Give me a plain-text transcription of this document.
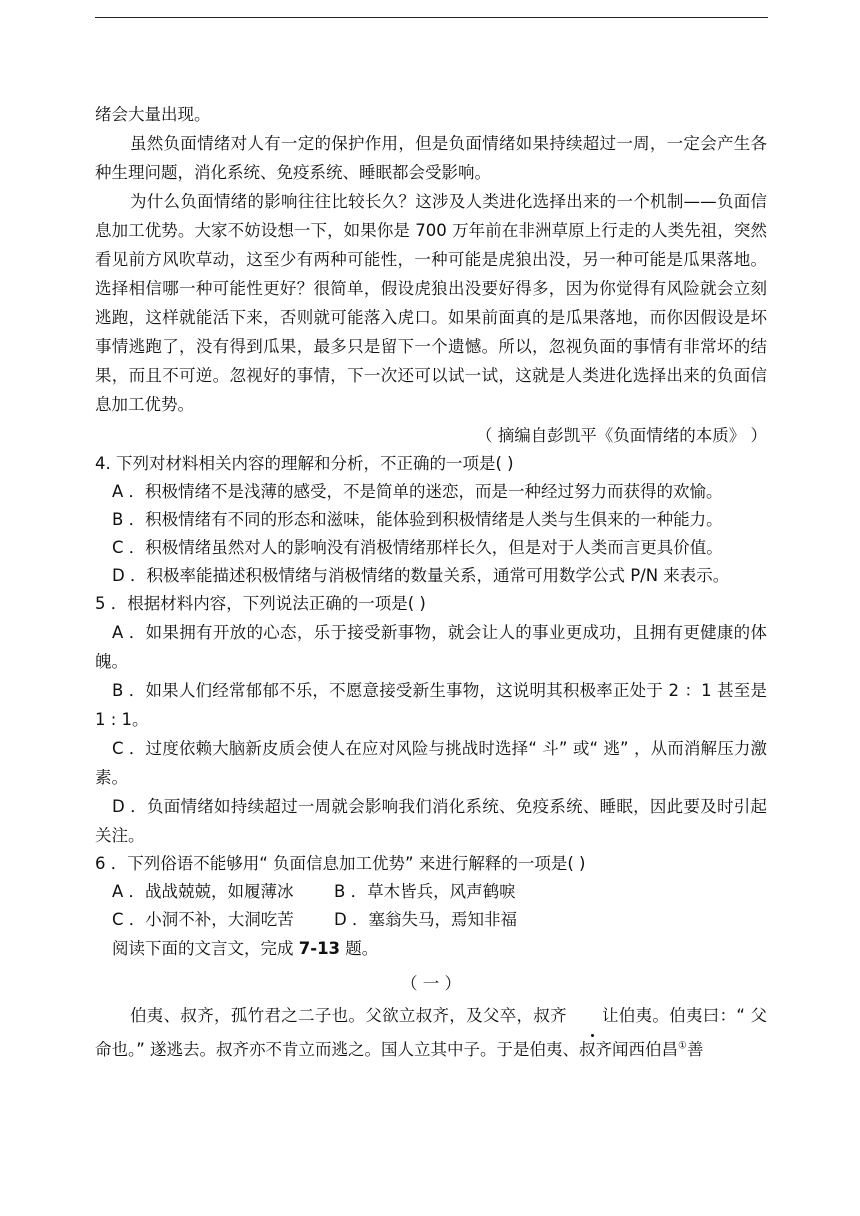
绪会大量出现。

虽然负面情绪对人有一定的保护作用，但是负面情绪如果持续超过一周，一定会产生各种生理问题，消化系统、免疫系统、睡眠都会受影响。

为什么负面情绪的影响往往比较长久？这涉及人类进化选择出来的一个机制——负面信息加工优势。大家不妨设想一下，如果你是 700 万年前在非洲草原上行走的人类先祖，突然看见前方风吹草动，这至少有两种可能性，一种可能是虎狼出没，另一种可能是瓜果落地。选择相信哪一种可能性更好？很简单，假设虎狼出没要好得多，因为你觉得有风险就会立刻逃跑，这样就能活下来，否则就可能落入虎口。如果前面真的是瓜果落地，而你因假设是坏事情逃跑了，没有得到瓜果，最多只是留下一个遗憾。所以，忽视负面的事情有非常坏的结果，而且不可逆。忽视好的事情，下一次还可以试一试，这就是人类进化选择出来的负面信息加工优势。

（ 摘编自彭凯平《负面情绪的本质》 ）

4. 下列对材料相关内容的理解和分析，不正确的一项是( )

A ．积极情绪不是浅薄的感受，不是简单的迷恋，而是一种经过努力而获得的欢愉。

B ．积极情绪有不同的形态和滋味，能体验到积极情绪是人类与生俱来的一种能力。

C ．积极情绪虽然对人的影响没有消极情绪那样长久，但是对于人类而言更具价值。

D ．积极率能描述积极情绪与消极情绪的数量关系，通常可用数学公式 P/N 来表示。

5 ．根据材料内容，下列说法正确的一项是( )

A ．如果拥有开放的心态，乐于接受新事物，就会让人的事业更成功，且拥有更健康的体魄。

B ．如果人们经常郁郁不乐，不愿意接受新生事物，这说明其积极率正处于 2 ：1 甚至是 1 : 1。

C ．过度依赖大脑新皮质会使人在应对风险与挑战时选择“ 斗” 或“ 逃” ，从而消解压力激素。

D ．负面情绪如持续超过一周就会影响我们消化系统、免疫系统、睡眠，因此要及时引起关注。

6 ．下列俗语不能够用“ 负面信息加工优势” 来进行解释的一项是( )

A ．战战兢兢，如履薄冰	B ．草木皆兵，风声鹤唳
C ．小洞不补，大洞吃苦	D ．塞翁失马，焉知非福

阅读下面的文言文，完成 7-13 题。

（ 一 ）

伯夷、叔齐，孤竹君之二子也。父欲立叔齐，及父卒，叔齐 让伯夷。伯夷曰：“ 父命也。” 遂逃去。叔齐亦不肯立而逃之。国人立其中子。于是伯夷、叔齐闻西伯昌①善
